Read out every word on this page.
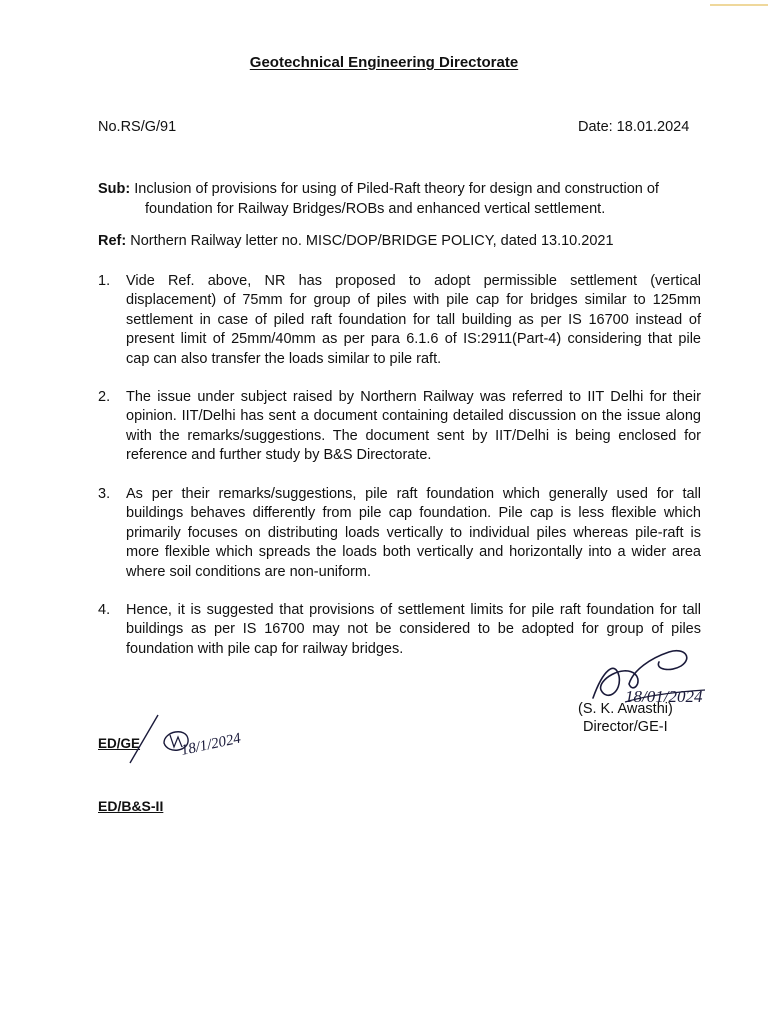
Geotechnical Engineering Directorate
No.RS/G/91	Date: 18.01.2024
Sub: Inclusion of provisions for using of Piled-Raft theory for design and construction of
foundation for Railway Bridges/ROBs and enhanced vertical settlement.
Ref: Northern Railway letter no. MISC/DOP/BRIDGE POLICY, dated 13.10.2021
1.	Vide Ref. above, NR has proposed to adopt permissible settlement (vertical displacement) of 75mm for group of piles with pile cap for bridges similar to 125mm settlement in case of piled raft foundation for tall building as per IS 16700 instead of present limit of 25mm/40mm as per para 6.1.6 of IS:2911(Part-4) considering that pile cap can also transfer the loads similar to pile raft.
2.	The issue under subject raised by Northern Railway was referred to IIT Delhi for their opinion. IIT/Delhi has sent a document containing detailed discussion on the issue along with the remarks/suggestions. The document sent by IIT/Delhi is being enclosed for reference and further study by B&S Directorate.
3.	As per their remarks/suggestions, pile raft foundation which generally used for tall buildings behaves differently from pile cap foundation. Pile cap is less flexible which primarily focuses on distributing loads vertically to individual piles whereas pile-raft is more flexible which spreads the loads both vertically and horizontally into a wider area where soil conditions are non-uniform.
4.	Hence, it is suggested that provisions of settlement limits for pile raft foundation for tall buildings as per IS 16700 may not be considered to be adopted for group of piles foundation with pile cap for railway bridges.
18/01/2024
(S. K. Awasthi)
Director/GE-I
ED/GE	18/1/2024
ED/B&S-II
